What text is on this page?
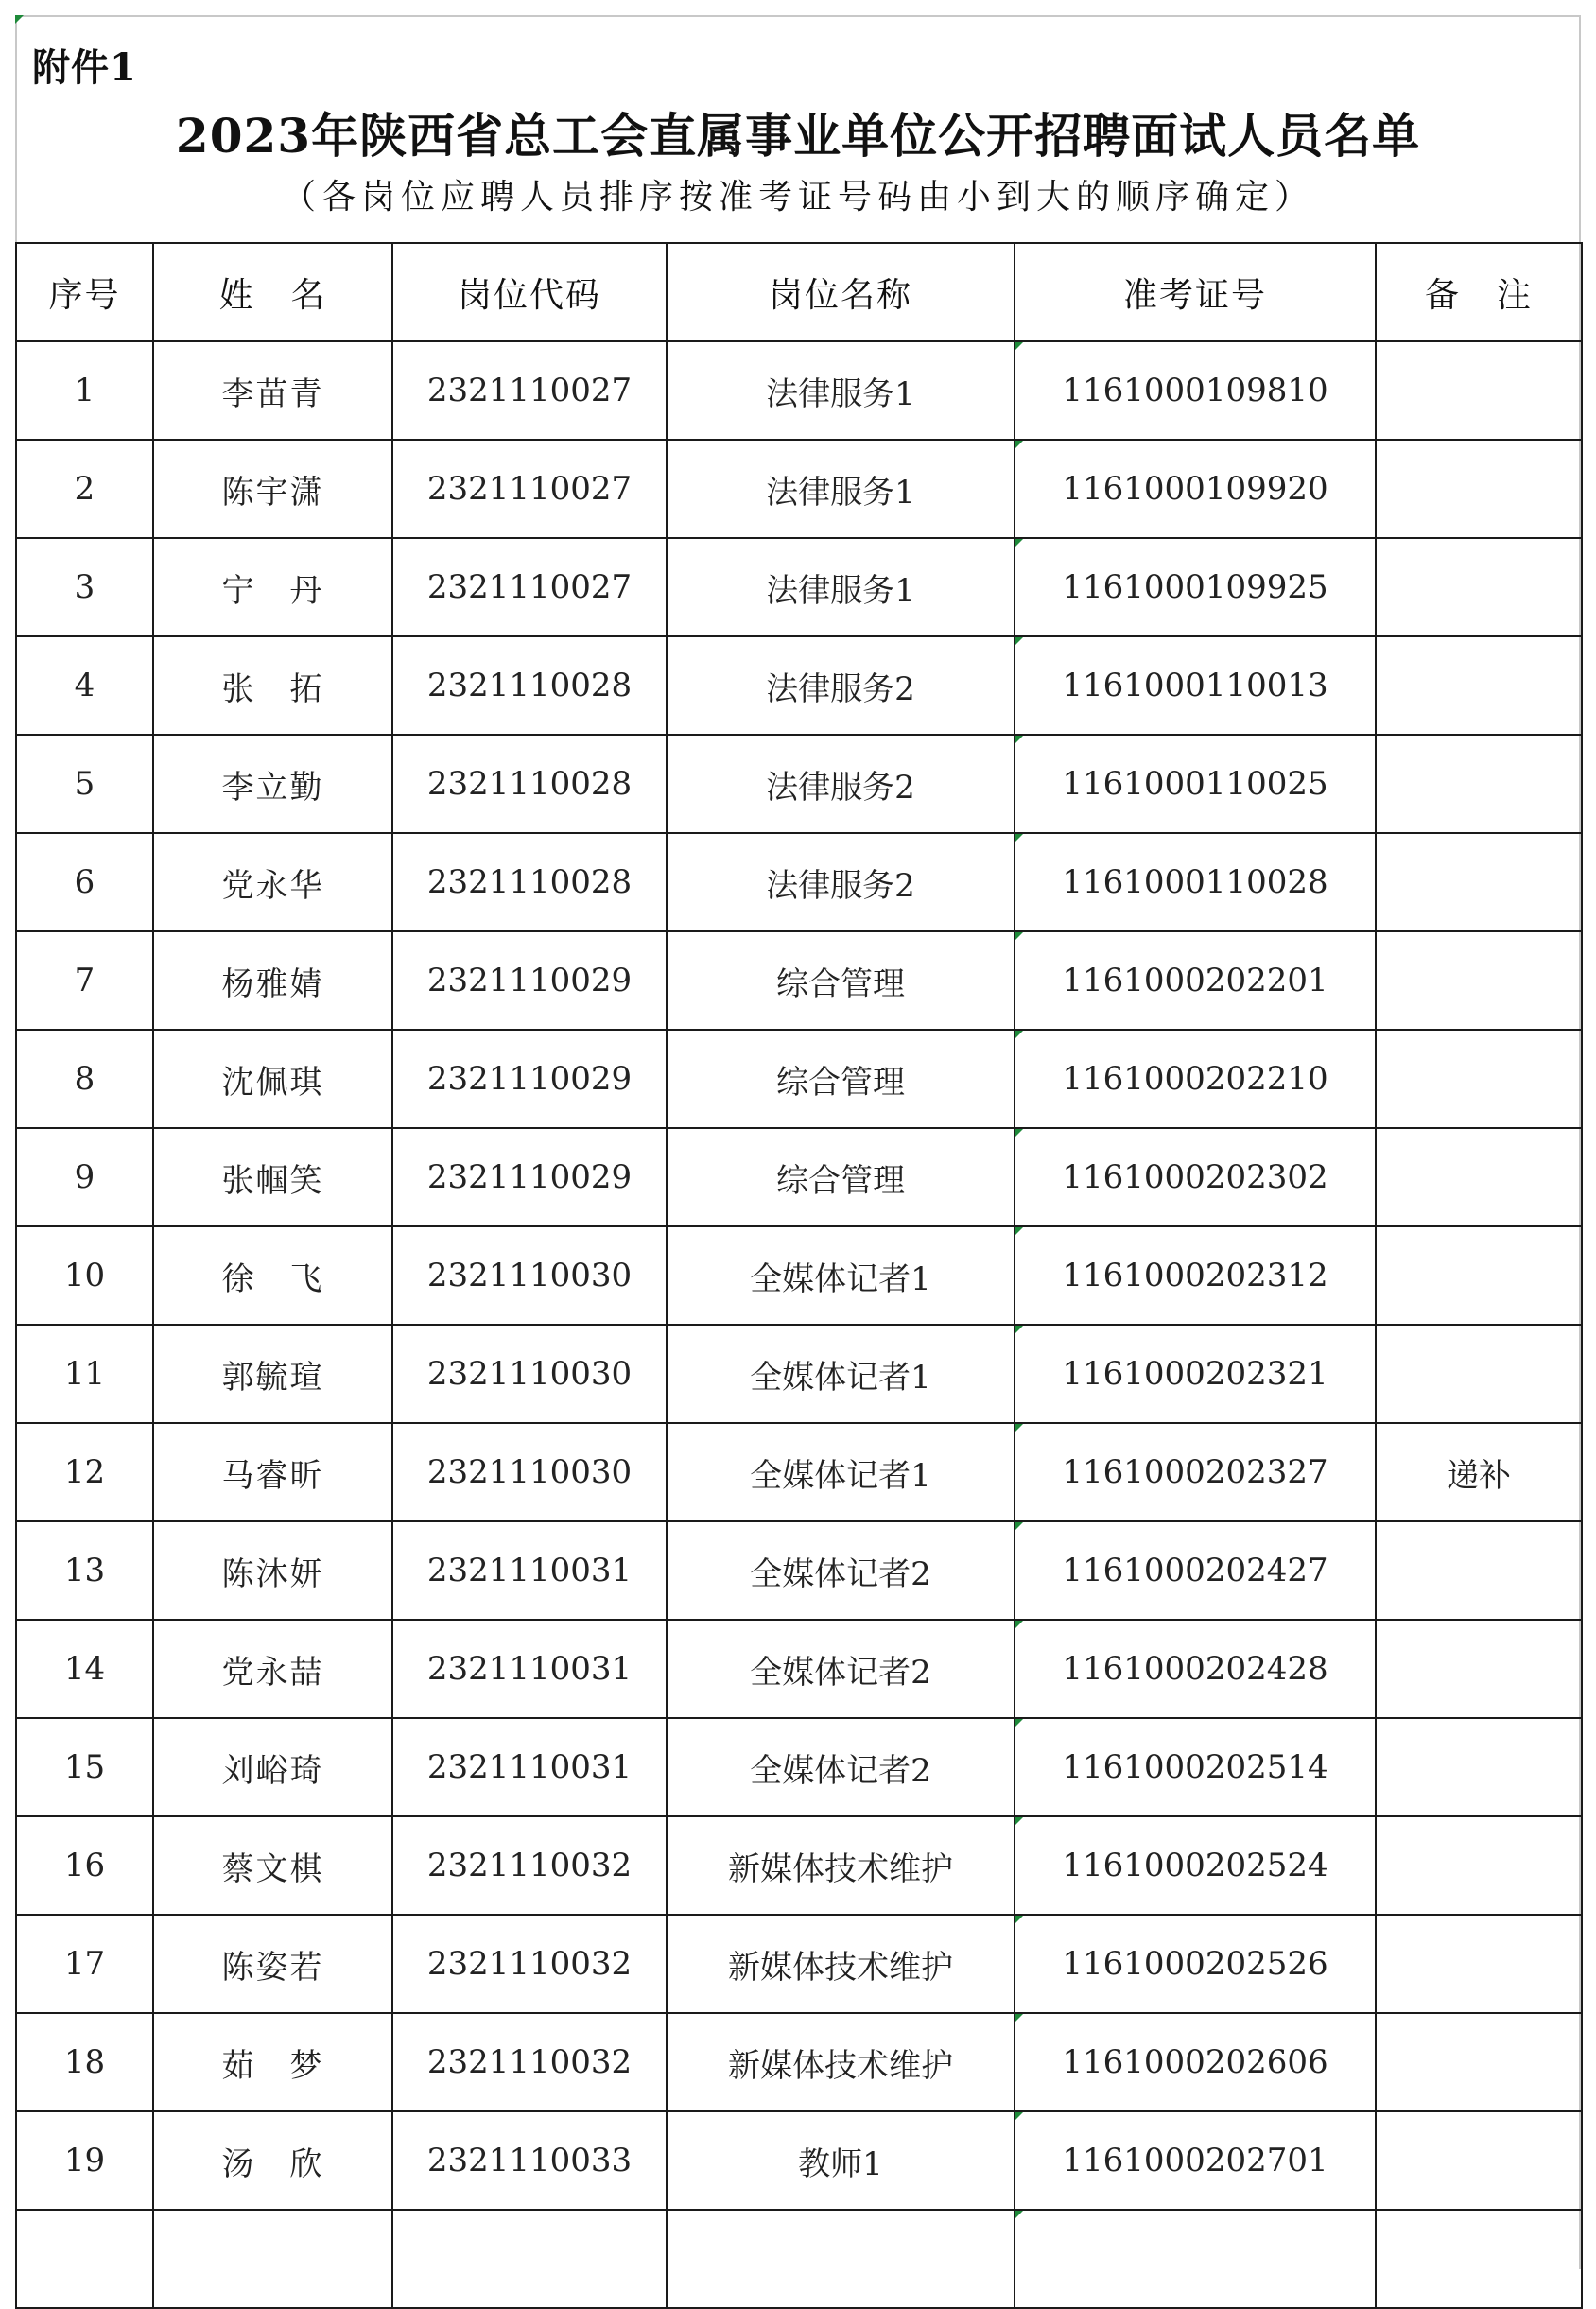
附件1
2023年陕西省总工会直属事业单位公开招聘面试人员名单
（各岗位应聘人员排序按准考证号码由小到大的顺序确定）
序号	姓　名	岗位代码	岗位名称	准考证号	备　注
1	李苗青	2321110027	法律服务1	1161000109810	
2	陈宇潇	2321110027	法律服务1	1161000109920	
3	宁　丹	2321110027	法律服务1	1161000109925	
4	张　拓	2321110028	法律服务2	1161000110013	
5	李立勤	2321110028	法律服务2	1161000110025	
6	党永华	2321110028	法律服务2	1161000110028	
7	杨雅婧	2321110029	综合管理	1161000202201	
8	沈佩琪	2321110029	综合管理	1161000202210	
9	张帼笑	2321110029	综合管理	1161000202302	
10	徐　飞	2321110030	全媒体记者1	1161000202312	
11	郭毓瑄	2321110030	全媒体记者1	1161000202321	
12	马睿昕	2321110030	全媒体记者1	1161000202327	递补
13	陈沐妍	2321110031	全媒体记者2	1161000202427	
14	党永喆	2321110031	全媒体记者2	1161000202428	
15	刘峪琦	2321110031	全媒体记者2	1161000202514	
16	蔡文棋	2321110032	新媒体技术维护	1161000202524	
17	陈姿若	2321110032	新媒体技术维护	1161000202526	
18	茹　梦	2321110032	新媒体技术维护	1161000202606	
19	汤　欣	2321110033	教师1	1161000202701	
